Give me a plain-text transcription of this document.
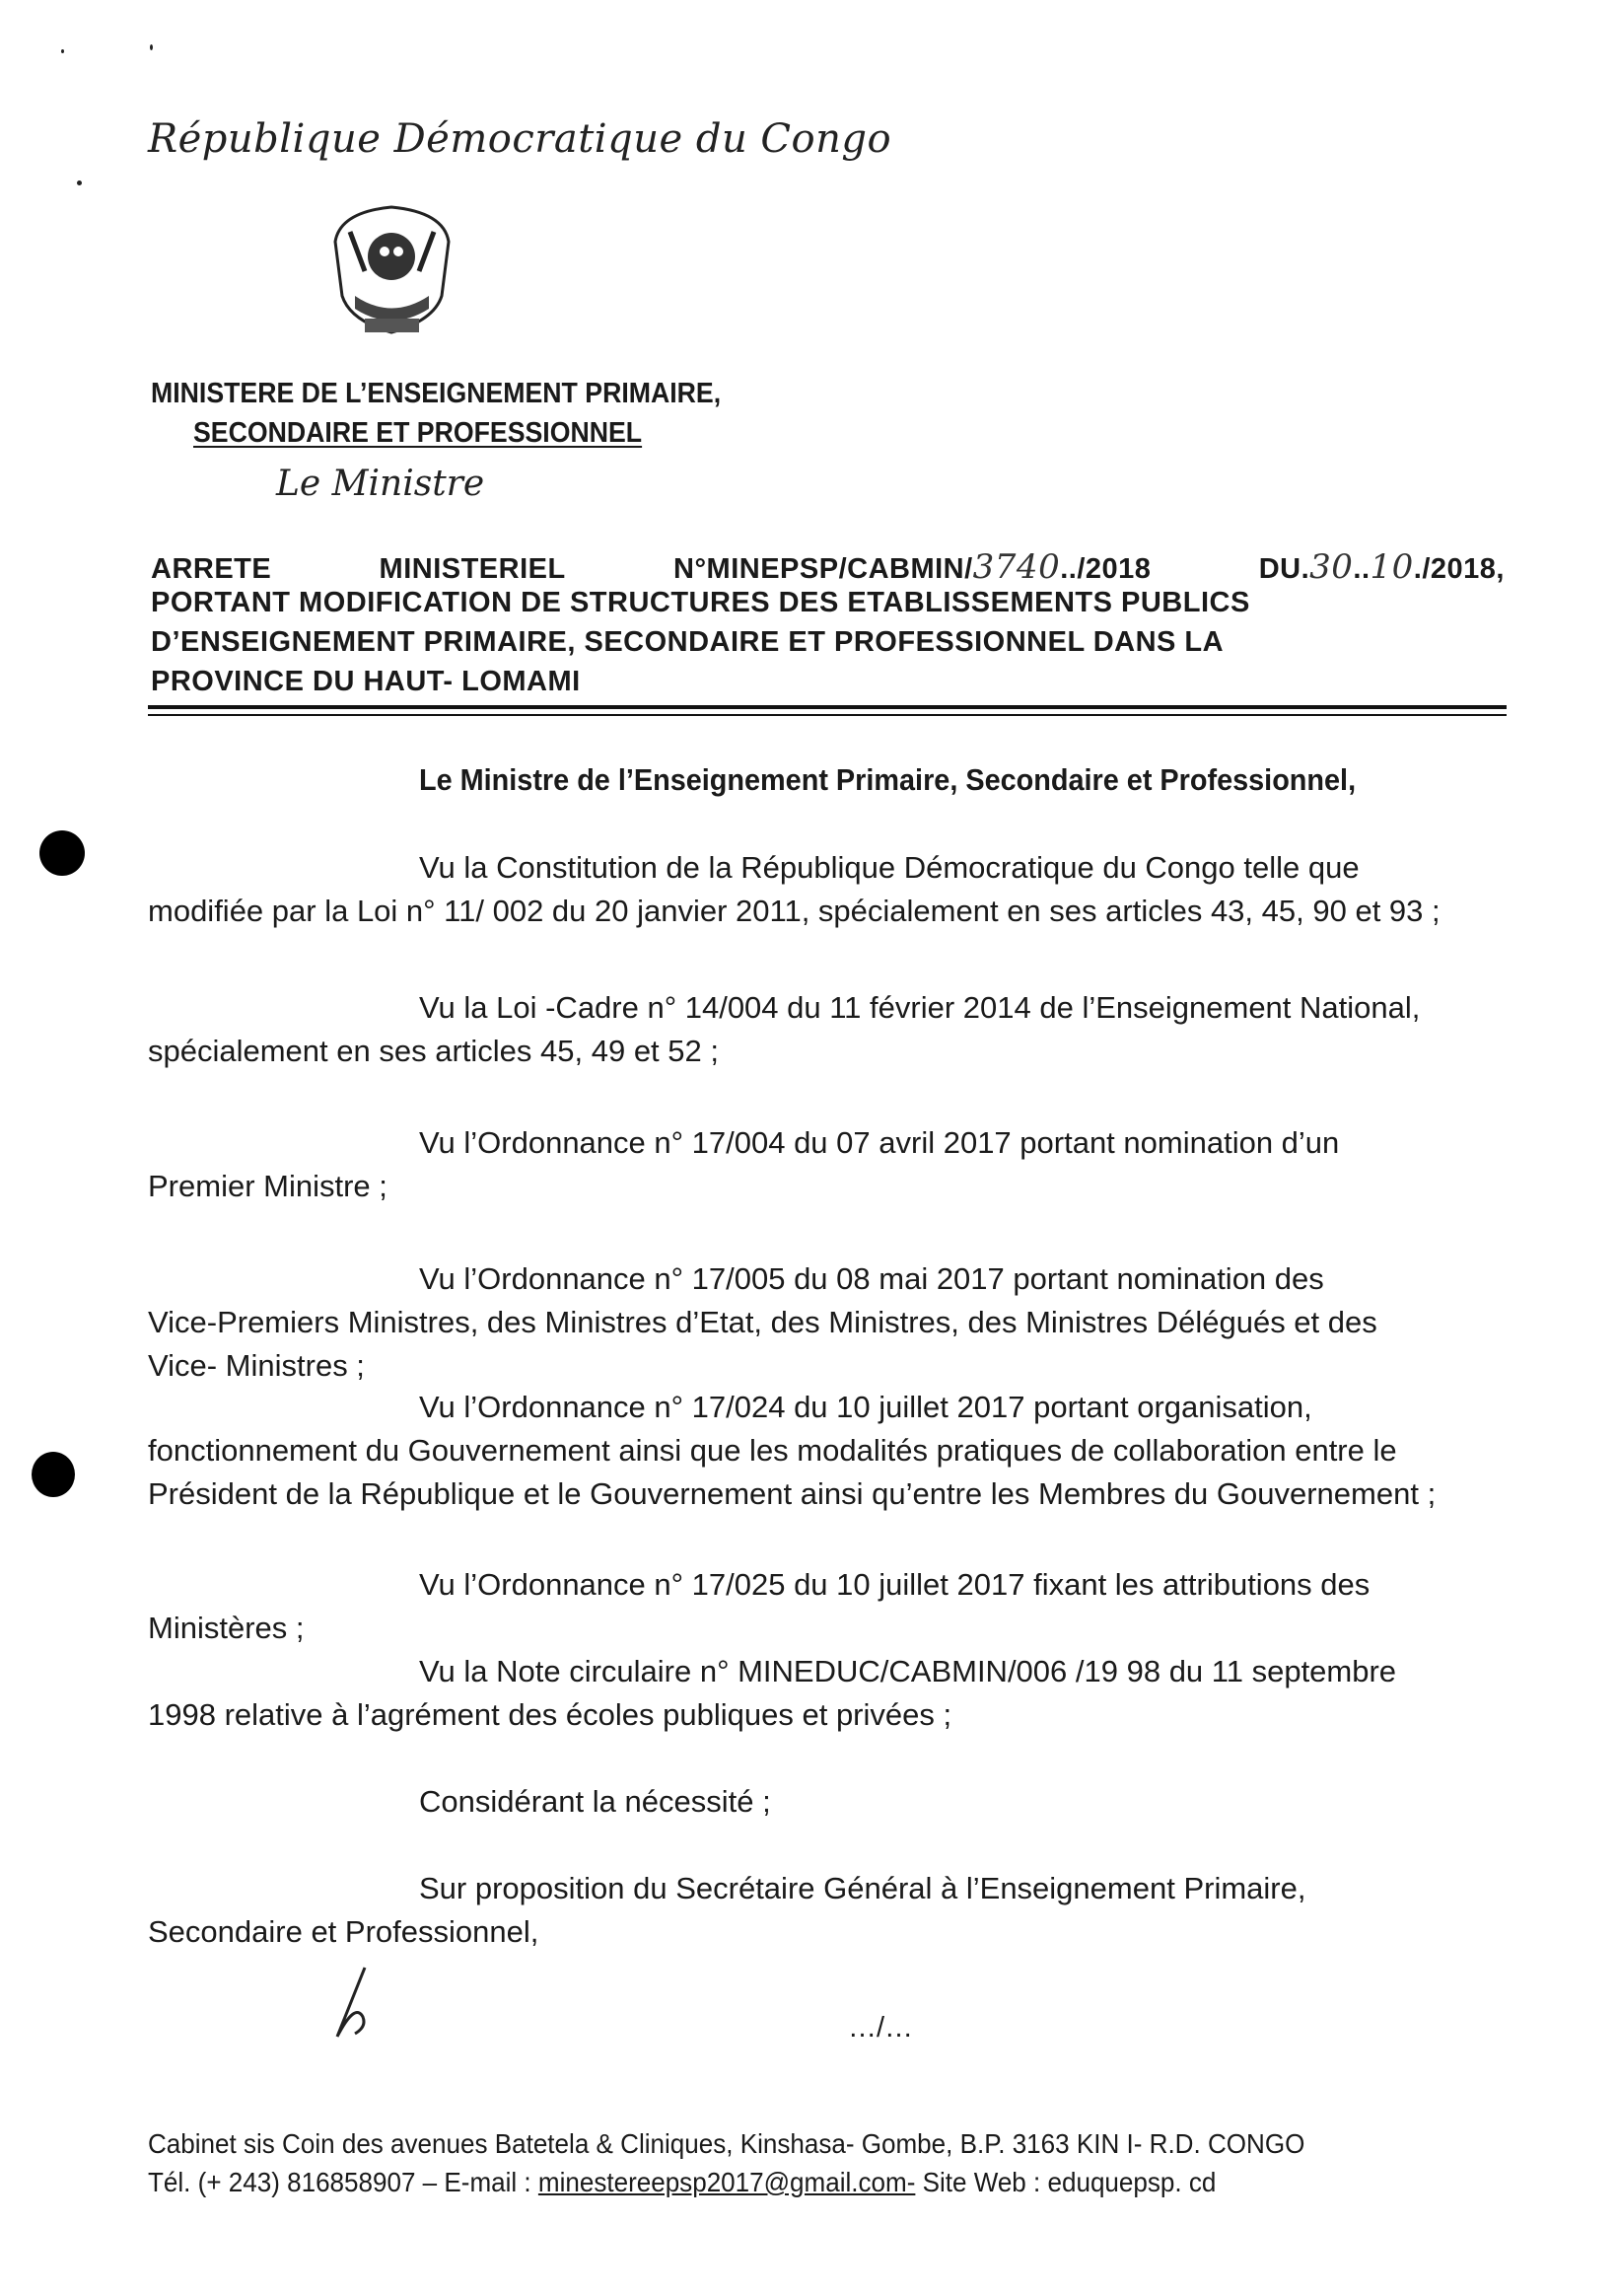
République Démocratique du Congo
MINISTERE DE L’ENSEIGNEMENT PRIMAIRE,
SECONDAIRE ET PROFESSIONNEL
Le Ministre
ARRETE	MINISTERIEL	N°MINEPSP/CABMIN/3740../2018	DU.30..10./2018,
PORTANT MODIFICATION DE STRUCTURES DES ETABLISSEMENTS PUBLICS
D’ENSEIGNEMENT PRIMAIRE, SECONDAIRE ET PROFESSIONNEL DANS LA
PROVINCE DU HAUT- LOMAMI
Le Ministre de l’Enseignement Primaire, Secondaire et Professionnel,
Vu la Constitution de la République Démocratique du Congo telle que
modifiée par la Loi n° 11/ 002 du 20 janvier 2011, spécialement en ses articles 43, 45, 90 et 93 ;
Vu la Loi -Cadre n° 14/004 du 11 février 2014 de l’Enseignement National,
spécialement en ses articles 45, 49 et 52 ;
Vu l’Ordonnance n° 17/004 du 07 avril 2017 portant nomination d’un
Premier Ministre ;
Vu l’Ordonnance n° 17/005 du 08 mai 2017 portant nomination des
Vice-Premiers Ministres, des Ministres d’Etat, des Ministres, des Ministres Délégués et des
Vice- Ministres ;
Vu l’Ordonnance n° 17/024 du 10 juillet 2017 portant organisation,
fonctionnement du Gouvernement ainsi que les modalités pratiques de collaboration entre le
Président de la République et le Gouvernement ainsi qu’entre les Membres du Gouvernement ;
Vu l’Ordonnance n° 17/025 du 10 juillet 2017 fixant les attributions des
Ministères ;
Vu la Note circulaire n° MINEDUC/CABMIN/006 /19 98 du 11 septembre
1998 relative à l’agrément des écoles publiques et privées ;
Considérant la nécessité ;
Sur proposition du Secrétaire Général à l’Enseignement Primaire,
Secondaire et Professionnel,
…/…
Cabinet sis Coin des avenues Batetela & Cliniques, Kinshasa- Gombe, B.P. 3163 KIN I- R.D. CONGO
Tél. (+ 243) 816858907 – E-mail : minestereepsp2017@gmail.com- Site Web : eduquepsp. cd
